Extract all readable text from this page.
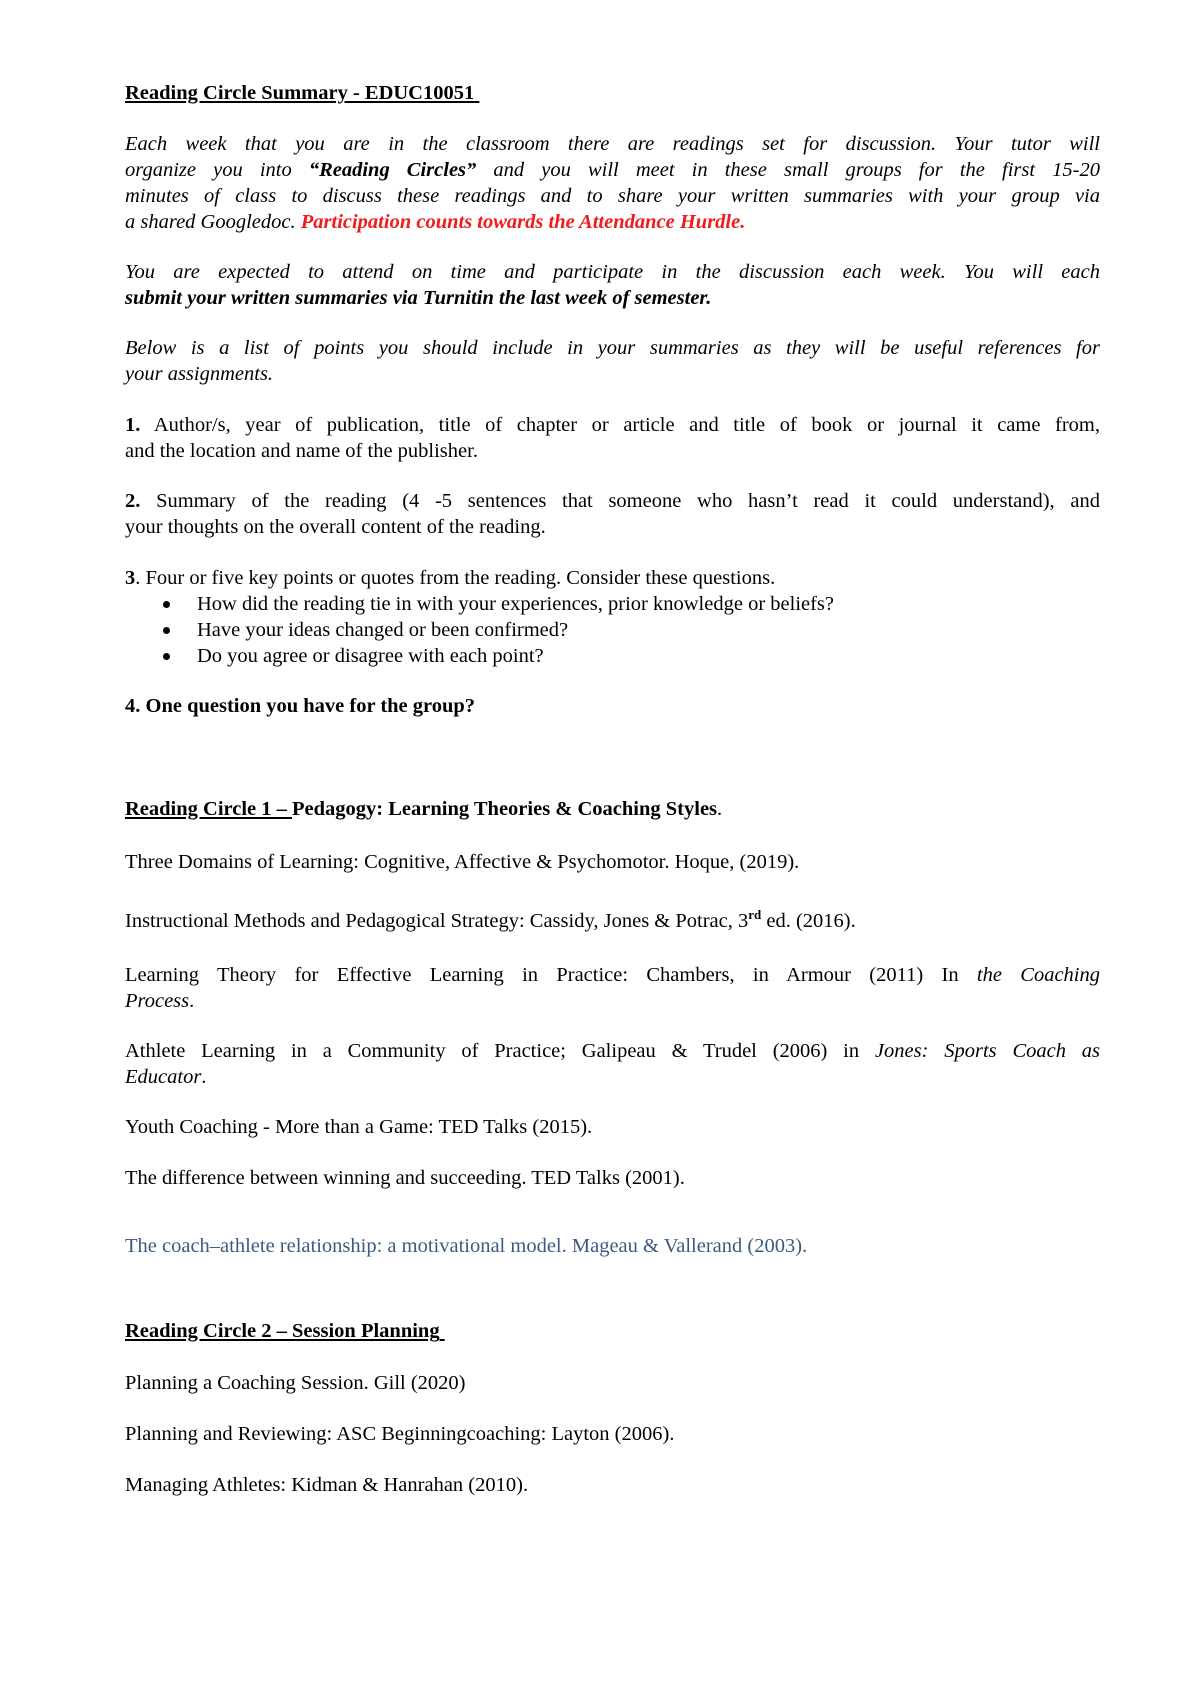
Reading Circle Summary - EDUC10051
Each week that you are in the classroom there are readings set for discussion. Your tutor will
organize you into “Reading Circles” and you will meet in these small groups for the first 15-20
minutes of class to discuss these readings and to share your written summaries with your group via
a shared Googledoc. Participation counts towards the Attendance Hurdle.
You are expected to attend on time and participate in the discussion each week. You will each
submit your written summaries via Turnitin the last week of semester.
Below is a list of points you should include in your summaries as they will be useful references for
your assignments.
1. Author/s, year of publication, title of chapter or article and title of book or journal it came from,
and the location and name of the publisher.
2. Summary of the reading (4 -5 sentences that someone who hasn’t read it could understand), and
your thoughts on the overall content of the reading.
3. Four or five key points or quotes from the reading. Consider these questions.
How did the reading tie in with your experiences, prior knowledge or beliefs?
Have your ideas changed or been confirmed?
Do you agree or disagree with each point?
4. One question you have for the group?
Reading Circle 1 – Pedagogy: Learning Theories & Coaching Styles.
Three Domains of Learning: Cognitive, Affective & Psychomotor. Hoque, (2019).
Instructional Methods and Pedagogical Strategy: Cassidy, Jones & Potrac, 3rd ed. (2016).
Learning Theory for Effective Learning in Practice: Chambers, in Armour (2011) In the Coaching
Process.
Athlete Learning in a Community of Practice; Galipeau & Trudel (2006) in Jones: Sports Coach as
Educator.
Youth Coaching - More than a Game: TED Talks (2015).
The difference between winning and succeeding. TED Talks (2001).
The coach–athlete relationship: a motivational model. Mageau & Vallerand (2003).
Reading Circle 2 – Session Planning
Planning a Coaching Session. Gill (2020)
Planning and Reviewing: ASC Beginningcoaching: Layton (2006).
Managing Athletes: Kidman & Hanrahan (2010).
